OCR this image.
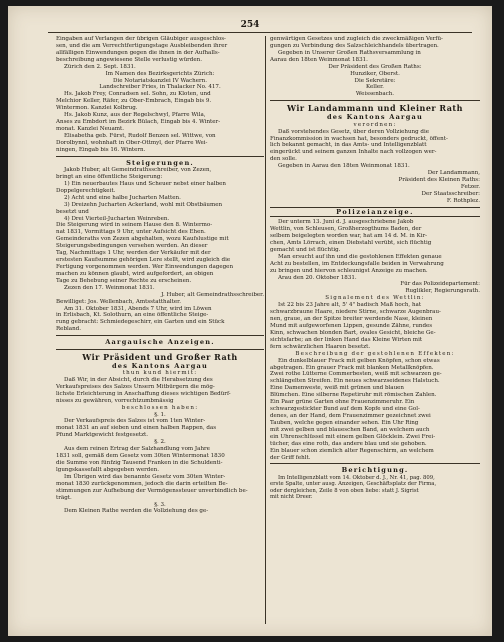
254

Eingaben auf Verlangen der übrigen Gläubiger ausgeschlos-

sen, und die am Verrechtfertigungstage Ausbleibenden ihrer

allfälligen Einwendungen gegen die ihnen in der Aufhalls-

beschreibung angewiesene Stelle verlustig würden.

Zürich den 2. Sept. 1831.

Im Namen des Bezirksgerichts Zürich:

Die Notariatskanzlei IV Wachern.

Landschreiber Fries, in Thalacker No. 417.

Hs. Jakob Frey, Conradsen sel. Sohn, zu Kloten, und

Melchior Keller, Räfer, zu Ober-Embrach, Eingab bis 9.

Wintermon. Kanzlei Kolbrug.

Hs. Jakob Kunz, aus der Regelschwyl, Pfarre Wila,

Anses zu Embdort im Bezirk Bülach, Eingab bis 4. Winter-

monat. Kanzlei Neuamt.

Elisabetha geb. Fürst, Rudolf Benzen sel. Wittwe, von

Dorolbynnl, wohnhaft in Ober-Ottmyl, der Pfarre Wei-

ningen, Eingab bis 16. Wintern.

Steigerungen.

Jakob Huber, alt Gemeindrathsschreiber, von Zezen,

bringt an eine öffentliche Steigerung:

1) Ein neuerbautes Haus und Scheuer nebst einer halben

Doppelgerechtigkeit.

2) Acht und eine halbe Jucharten Matten.

3) Dreizehn Jucharten Ackerland, wohl mit Obstbäumen

besetzt und

4) Drei Vierteil-Jucharten Weinreben.

Die Steigerung wird in seinem Hause den 8. Wintermo-

nat 1831, Vormittags 9 Uhr, unter Aufsicht des Ehen.

Gemeinderaths von Zezen abgehalten, wozu Kaufslustige mit

Steigerungsbedingungen versehen werden. An dieser

Tag, Nachmittags 1 Uhr, werden der Verkäufer mit der

erstesten Kaufsumme gehörigen Lere stellt, wird zugleich die

Fertigung vorgenommen werden. Wer Einwendungen dagegen

machen zu können glaubt, wird aufgefordert, an obigen

Tage zu Behebung seiner Rechte zu erscheinen.

Zezen den 17. Weinmonat 1831.

J. Huber, alt Gemeindrathsschreiber.

Bewilliget: Jos. Wellenbach, Amtsstatthalter.

Am 31. Oktober 1831, Abends 7 Uhr, wird im Löwen

in Erlisbach, Kt. Solothurn, an eine öffentliche Steige-

rung gebracht: Schmiedegeschirr, ein Garten und ein Stück

Rebland.

Aargauische Anzeigen.

Wir Präsident und Großer Rath

des Kantons Aargau

thun kund hiermit:

Daß Wir, in der Absicht, durch die Herabsetzung des

Verkaufspreises des Salzes Unsern Mitbürgern die mög-

lichste Erleichterung in Anschaffung dieses wichtigen Bedürf-

nisses zu gewähren, vorrechtzumbmässig

beschlossen haben:

§. 1.

Der Verkaufspreis des Salzes ist vom 1ten Winter-

monat 1831 an auf sieben und einen halben Rappen, das

Pfund Marktgewicht festgesetzt.

§. 2.

Aus dem reinen Ertrag der Salzhandlung vom Jahre

1831 soll, gemäß dem Gesetz vom 30ten Wintermonat 1830

die Summe von fünfzig Tausend Franken in die Schuldenti-

lgungskassefallt abgegeben werden.

Im Übrigen wird das benannte Gesetz vom 30ten Winter-

monat 1830 zurückgenommen, jedoch die darin erteilten Be-

stimmungen zur Aufhebung der Vermögenssteuer unverbindlich be-

trägt.

§. 3.

Dem Kleinen Rathe werden die Vollziehung des ge-

genwärtigen Gesetzes und zugleich die zweckmäßigen Verfü-

gungen zu Verbindung des Salzschleichhandels übertragen.

Gegeben in Unserer Großen Rathsversammlung in

Aarau den 18ten Weinmonat 1831.

Der Präsident des Großen Raths:

Hunziker, Oberst.

Die Sekretäre:

Keller.

Weissenbach.

Wir Landammann und Kleiner Rath

des Kantons Aargau

verordnen:

Daß vorstehendes Gesetz, über deren Vollziehung die

Finanzkommission in wachsen hat, besonders gedruckt, öffent-

lich bekannt gemacht, in das Amts- und Intelligenzblatt

eingerückt und seinem ganzen Inhalte nach vollzogen wer-

den solle.

Gegeben in Aarau den 18ten Weinmonat 1831.

Der Landammann,

Präsident des Kleinen Raths:

Fetzer.

Der Staatsschreiber:

F. Rothplez.

Polizeianzeige.

Der unterm 13. Juni d. J. ausgeschriebene Jakob

Wettlin, von Schleusen, Großherzogthums Baden, der

selbem beigelegten worden war, hat am 14 d. M. in Kir-

chen, Amts Lörrach, einen Diebstahl verübt, sich flüchtig

gemacht und ist flüchtig.

Man ersucht auf ihn und die gestohlenen Effekten genaue

Acht zu bestellen, im Entdeckungsfalle beiden in Verwahrung

zu bringen und hiervon schleunigst Anzeige zu machen.

Arau den 20. Oktober 1831.

Für das Polizeidepartement:

Ruglikler, Regierungsrath.

Signalement des Wettlin:

Ist 22 bis 23 Jahre alt, 5' 4" badisch Maß hoch, hat

schwarzbraune Haare, niedere Stirne, schwarze Augenbrau-

nen, graue, an der Spitze breiter werdende Nase, kleinen

Mund mit aufgeworfenen Lippen, gesunde Zähne, rundes

Kinn, schwachen blonden Bart, ovales Gesicht, bleiche Ge-

sichtsfarbe; an der linken Hand das Kleine Wirten mit

fern schwärzlichen Haaren besetzt.

Beschreibung der gestohlenen Effekten:

Ein dunkelblauer Frack mit gelben Knöpfen, schon etwas

abgetragen. Ein grauer Frack mit blanken Metallknöpfen.

Zwei rothe Lütterne Commerbesten, weiß mit schwarzen ge-

schlängelten Streifen. Ein neues schwarzseidenes Halstuch.

Eine Damenweste, weiß mit grünen und blauen

Blümchen. Eine silberne Repetiruhr mit römischen Zahlen.

Ein Paar grüne Garten ohne Frauenzimmeruhr. Ein

schwarzgestickter Bund auf dem Kopfe und eine Gol-

denes, an der Hand, dem Frauenzimmer gezeichnet zwei

Tauben, welche gegen einander sehen. Ein Uhr Ring

mit zwei gelben und blaueschen Band, an welchem auch

ein Uhrenschlüssel mit einem gelben Glöcklein. Zwei Frei-

tücher, das eine roth, das andere blau und sie gehoben.

Ein blauer schon ziemlich alter Regenschirm, an welchem

der Griff fehlt.

Berichtigung.

Im Intelligenzblatt vom 14. Oktober d. J., Nr. 41, pag. 809,

erste Spalte, unter ausg. Anzeigen, Geschäftsplatz der Firma,

oder dergleichen, Zeile 8 von oben liebe: statt J. Sigrist

mit nicht Dreer.
